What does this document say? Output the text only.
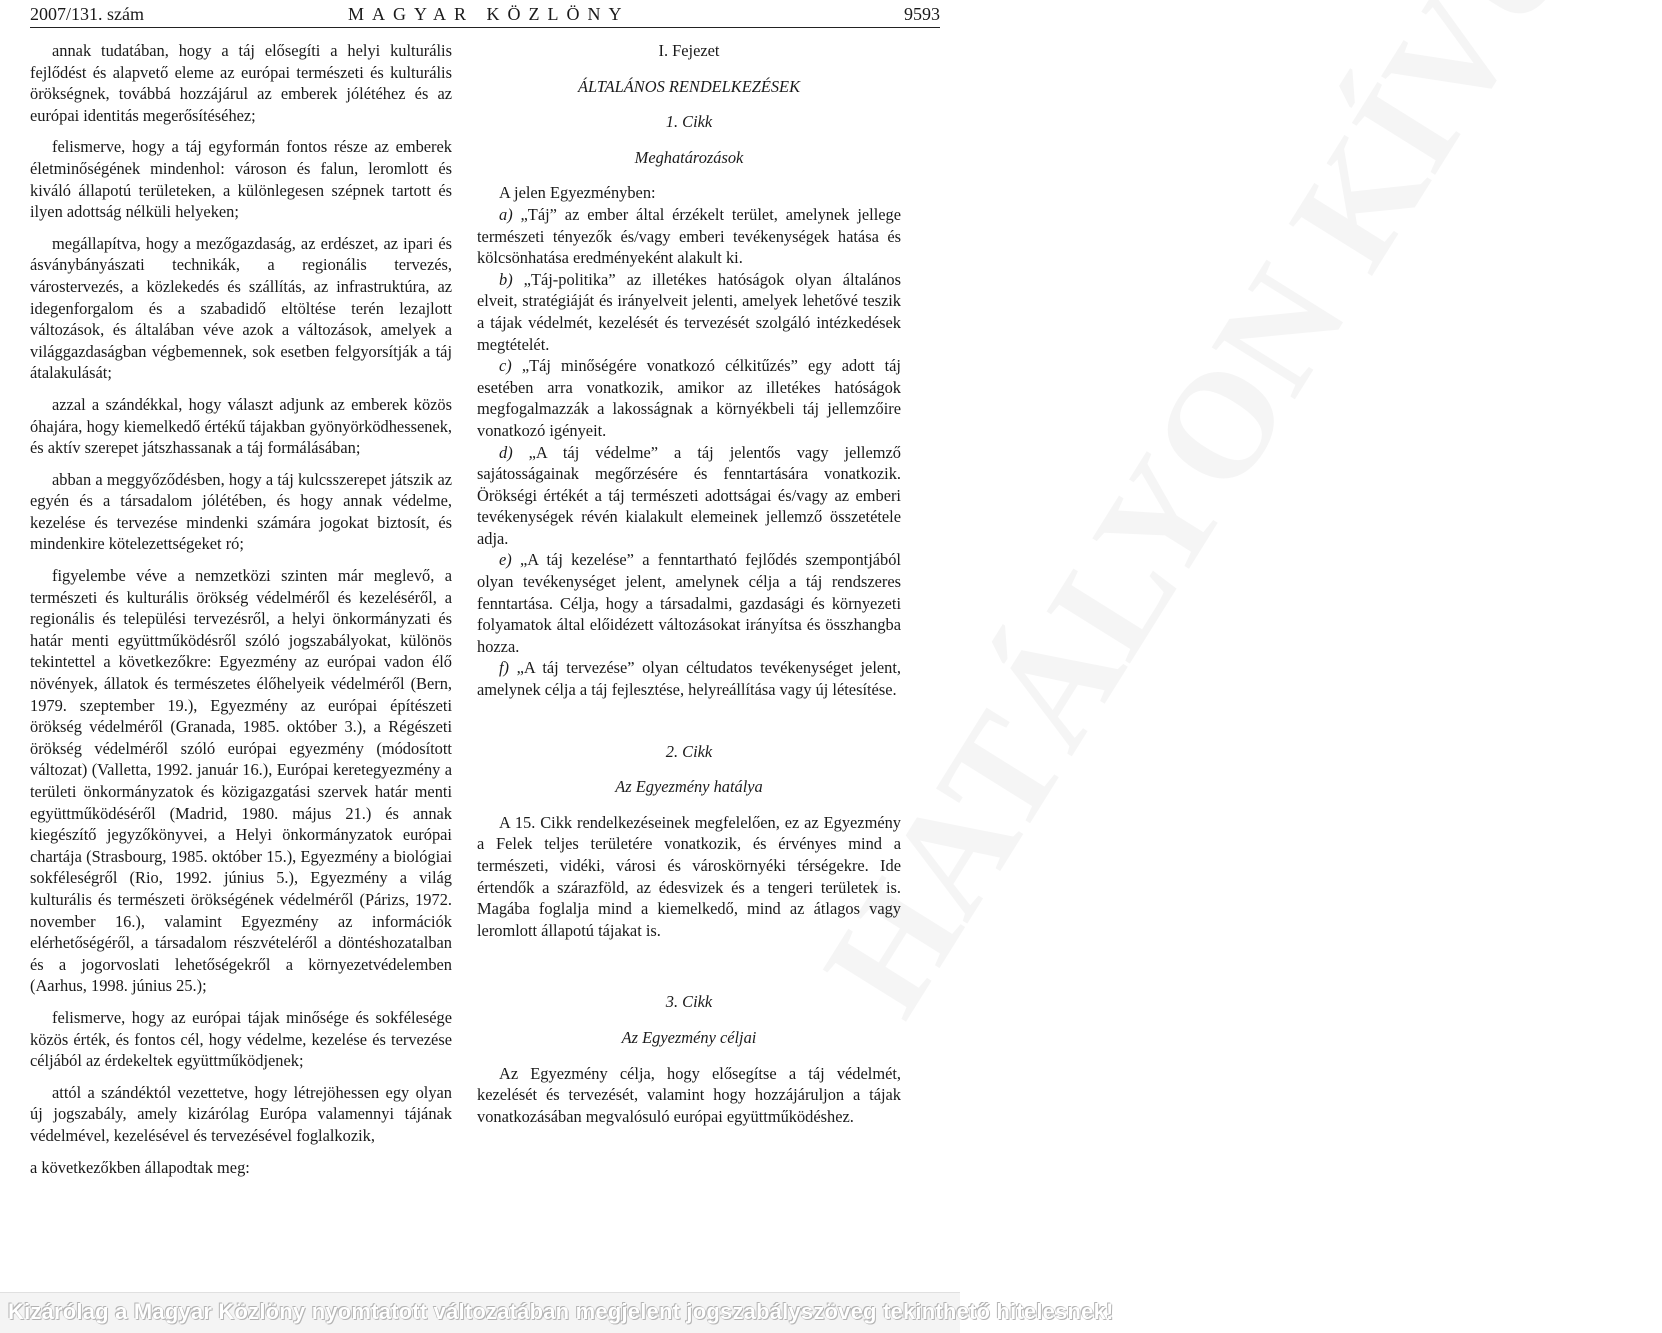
2007/131. szám	MAGYAR KÖZLÖNY	9593

annak tudatában, hogy a táj elősegíti a helyi kulturális fejlődést és alapvető eleme az európai természeti és kulturális örökségnek, továbbá hozzájárul az emberek jólétéhez és az európai identitás megerősítéséhez;

felismerve, hogy a táj egyformán fontos része az emberek életminőségének mindenhol: városon és falun, leromlott és kiváló állapotú területeken, a különlegesen szépnek tartott és ilyen adottság nélküli helyeken;

megállapítva, hogy a mezőgazdaság, az erdészet, az ipari és ásványbányászati technikák, a regionális tervezés, várostervezés, a közlekedés és szállítás, az infrastruktúra, az idegenforgalom és a szabadidő eltöltése terén lezajlott változások, és általában véve azok a változások, amelyek a világgazdaságban végbemennek, sok esetben felgyorsítják a táj átalakulását;

azzal a szándékkal, hogy választ adjunk az emberek közös óhajára, hogy kiemelkedő értékű tájakban gyönyörködhessenek, és aktív szerepet játszhassanak a táj formálásában;

abban a meggyőződésben, hogy a táj kulcsszerepet játszik az egyén és a társadalom jólétében, és hogy annak védelme, kezelése és tervezése mindenki számára jogokat biztosít, és mindenkire kötelezettségeket ró;

figyelembe véve a nemzetközi szinten már meglevő, a természeti és kulturális örökség védelméről és kezeléséről, a regionális és települési tervezésről, a helyi önkormányzati és határ menti együttműködésről szóló jogszabályokat, különös tekintettel a következőkre: Egyezmény az európai vadon élő növények, állatok és természetes élőhelyeik védelméről (Bern, 1979. szeptember 19.), Egyezmény az európai építészeti örökség védelméről (Granada, 1985. október 3.), a Régészeti örökség védelméről szóló európai egyezmény (módosított változat) (Valletta, 1992. január 16.), Európai keretegyezmény a területi önkormányzatok és közigazgatási szervek határ menti együttműködéséről (Madrid, 1980. május 21.) és annak kiegészítő jegyzőkönyvei, a Helyi önkormányzatok európai chartája (Strasbourg, 1985. október 15.), Egyezmény a biológiai sokféleségről (Rio, 1992. június 5.), Egyezmény a világ kulturális és természeti örökségének védelméről (Párizs, 1972. november 16.), valamint Egyezmény az információk elérhetőségéről, a társadalom részvételéről a döntéshozatalban és a jogorvoslati lehetőségekről a környezetvédelemben (Aarhus, 1998. június 25.);

felismerve, hogy az európai tájak minősége és sokfélesége közös érték, és fontos cél, hogy védelme, kezelése és tervezése céljából az érdekeltek együttműködjenek;

attól a szándéktól vezettetve, hogy létrejöhessen egy olyan új jogszabály, amely kizárólag Európa valamennyi tájának védelmével, kezelésével és tervezésével foglalkozik,

a következőkben állapodtak meg:

I. Fejezet

ÁLTALÁNOS RENDELKEZÉSEK

1. Cikk

Meghatározások

A jelen Egyezményben:

a) „Táj” az ember által érzékelt terület, amelynek jellege természeti tényezők és/vagy emberi tevékenységek hatása és kölcsönhatása eredményeként alakult ki.

b) „Táj-politika” az illetékes hatóságok olyan általános elveit, stratégiáját és irányelveit jelenti, amelyek lehetővé teszik a tájak védelmét, kezelését és tervezését szolgáló intézkedések megtételét.

c) „Táj minőségére vonatkozó célkitűzés” egy adott táj esetében arra vonatkozik, amikor az illetékes hatóságok megfogalmazzák a lakosságnak a környékbeli táj jellemzőire vonatkozó igényeit.

d) „A táj védelme” a táj jelentős vagy jellemző sajátosságainak megőrzésére és fenntartására vonatkozik. Örökségi értékét a táj természeti adottságai és/vagy az emberi tevékenységek révén kialakult elemeinek jellemző összetétele adja.

e) „A táj kezelése” a fenntartható fejlődés szempontjából olyan tevékenységet jelent, amelynek célja a táj rendszeres fenntartása. Célja, hogy a társadalmi, gazdasági és környezeti folyamatok által előidézett változásokat irányítsa és összhangba hozza.

f) „A táj tervezése” olyan céltudatos tevékenységet jelent, amelynek célja a táj fejlesztése, helyreállítása vagy új létesítése.

2. Cikk

Az Egyezmény hatálya

A 15. Cikk rendelkezéseinek megfelelően, ez az Egyezmény a Felek teljes területére vonatkozik, és érvényes mind a természeti, vidéki, városi és városkörnyéki térségekre. Ide értendők a szárazföld, az édesvizek és a tengeri területek is. Magába foglalja mind a kiemelkedő, mind az átlagos vagy leromlott állapotú tájakat is.

3. Cikk

Az Egyezmény céljai

Az Egyezmény célja, hogy elősegítse a táj védelmét, kezelését és tervezését, valamint hogy hozzájáruljon a tájak vonatkozásában megvalósuló európai együttműködéshez.

Kizárólag a Magyar Közlöny nyomtatott változatában megjelent jogszabályszöveg tekinthető hitelesnek!
